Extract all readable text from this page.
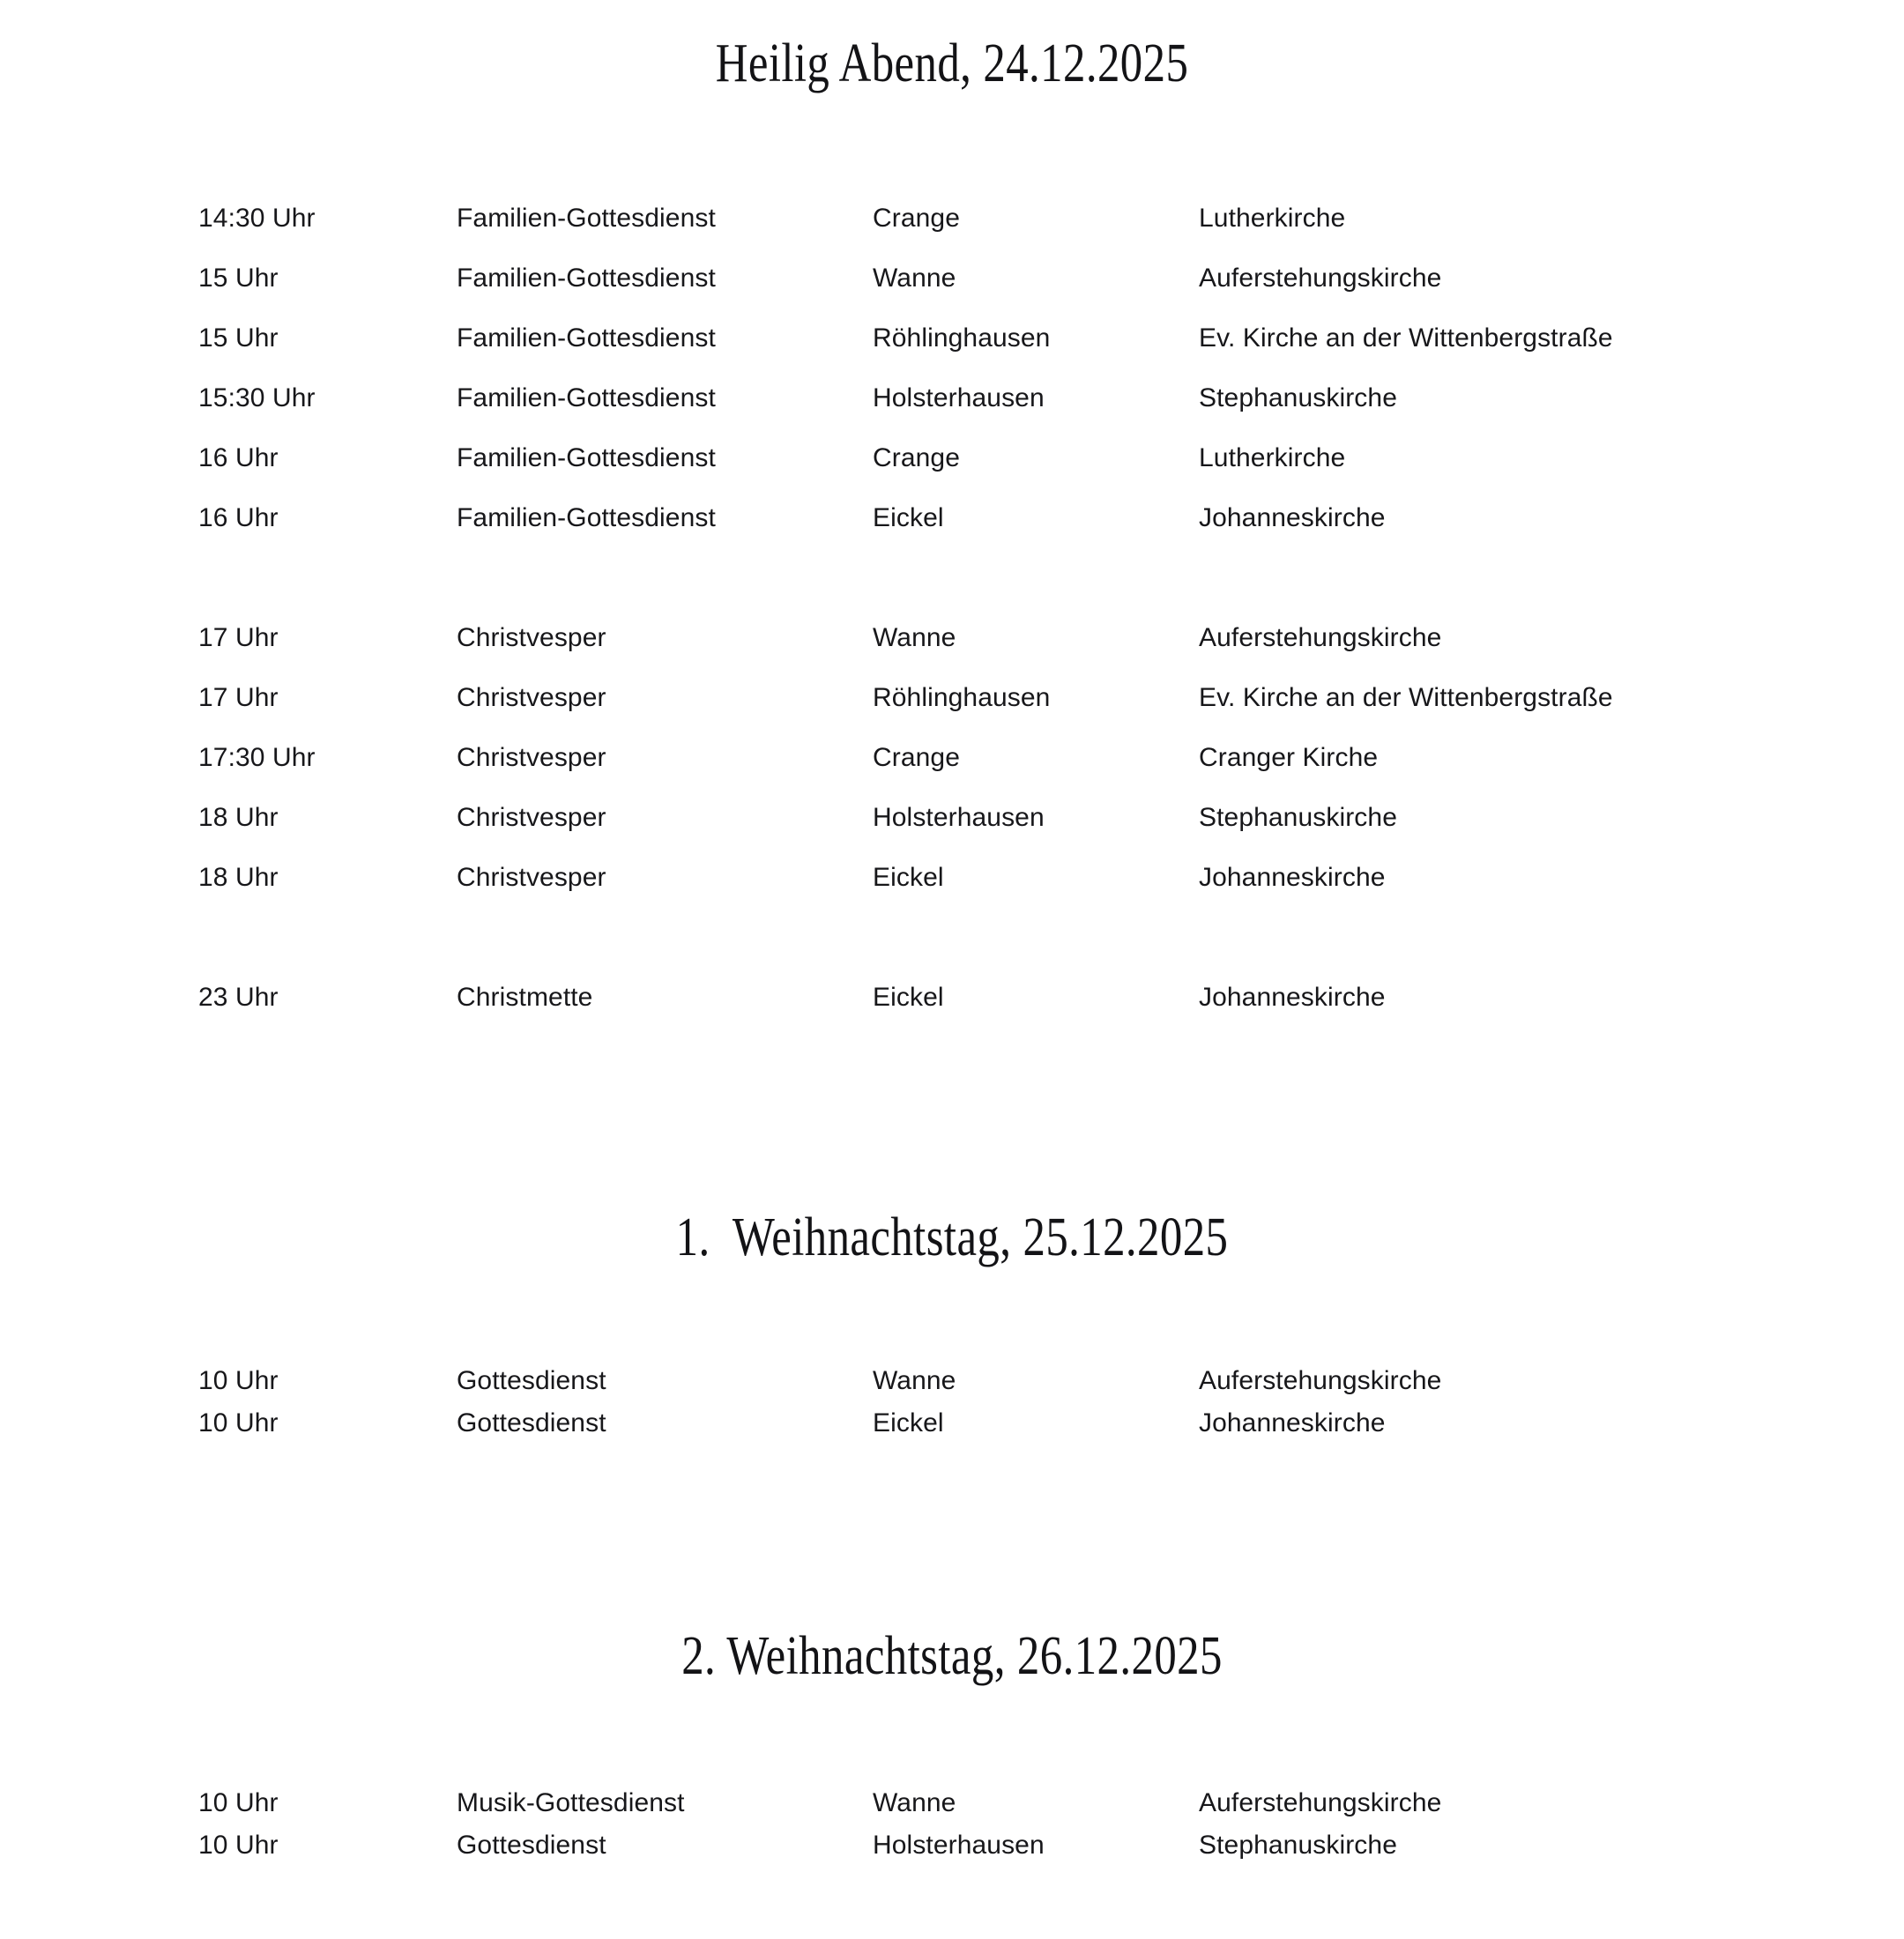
Heilig Abend, 24.12.2025
14:30 Uhr	Familien-Gottesdienst	Crange	Lutherkirche
15 Uhr	Familien-Gottesdienst	Wanne	Auferstehungskirche
15 Uhr	Familien-Gottesdienst	Röhlinghausen	Ev. Kirche an der Wittenbergstraße
15:30 Uhr	Familien-Gottesdienst	Holsterhausen	Stephanuskirche
16 Uhr	Familien-Gottesdienst	Crange	Lutherkirche
16 Uhr	Familien-Gottesdienst	Eickel	Johanneskirche
17 Uhr	Christvesper	Wanne	Auferstehungskirche
17 Uhr	Christvesper	Röhlinghausen	Ev. Kirche an der Wittenbergstraße
17:30 Uhr	Christvesper	Crange	Cranger Kirche
18 Uhr	Christvesper	Holsterhausen	Stephanuskirche
18 Uhr	Christvesper	Eickel	Johanneskirche
23 Uhr	Christmette	Eickel	Johanneskirche
1.  Weihnachtstag, 25.12.2025
10 Uhr	Gottesdienst	Wanne	Auferstehungskirche
10 Uhr	Gottesdienst	Eickel	Johanneskirche
2. Weihnachtstag, 26.12.2025
10 Uhr	Musik-Gottesdienst	Wanne	Auferstehungskirche
10 Uhr	Gottesdienst	Holsterhausen	Stephanuskirche
